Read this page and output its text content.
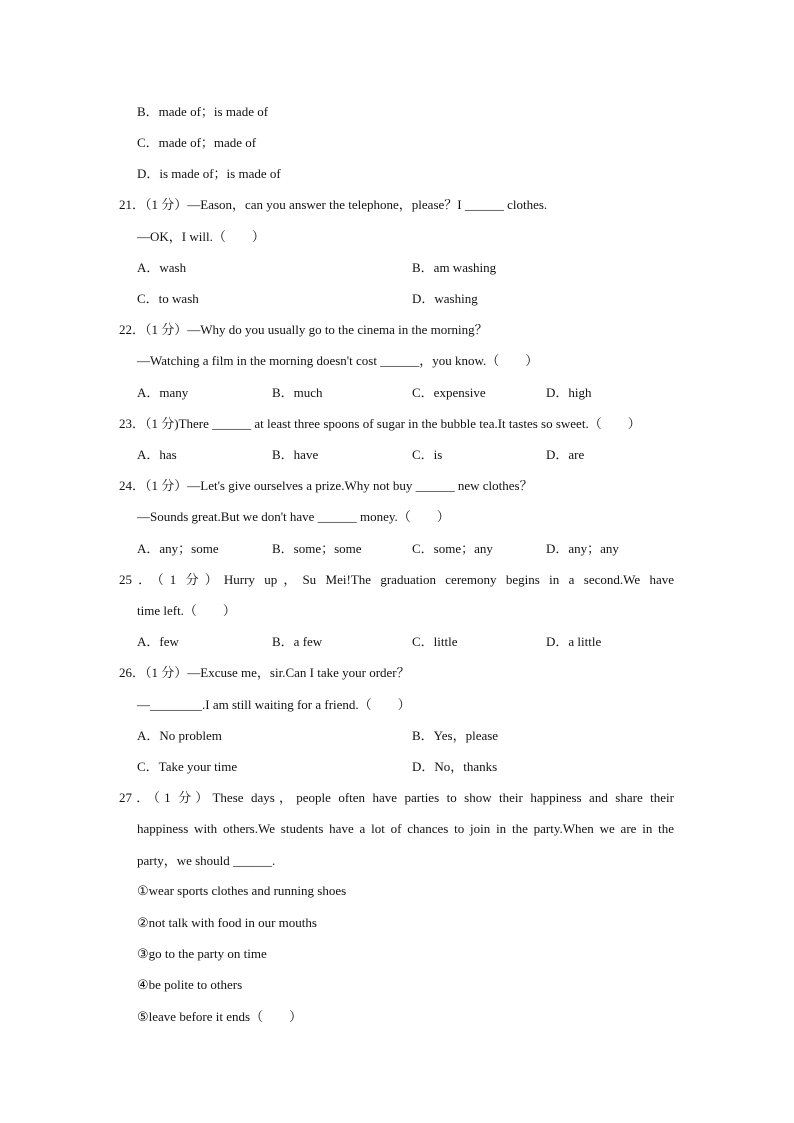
B．made of；is made of
C．made of；made of
D．is made of；is made of
21．（1 分）—Eason，can you answer the telephone，please？I ______ clothes.
—OK，I will.（　　）
A．wash	B．am washing
C．to wash	D．washing
22．（1 分）—Why do you usually go to the cinema in the morning？
—Watching a film in the morning doesn't cost ______，you know.（　　）
A．many	B．much	C．expensive	D．high
23．（1 分)There ______ at least three spoons of sugar in the bubble tea.It tastes so sweet.（　　）
A．has	B．have	C．is	D．are
24．（1 分）—Let's give ourselves a prize.Why not buy ______ new clothes？
—Sounds great.But we don't have ______ money.（　　）
A．any；some	B．some；some	C．some；any	D．any；any
25．（1 分）Hurry up，Su Mei!The graduation ceremony begins in a second.We have
time left.（　　）
A．few	B．a few	C．little	D．a little
26．（1 分）—Excuse me，sir.Can I take your order？
—________.I am still waiting for a friend.（　　）
A．No problem	B．Yes，please
C．Take your time	D．No，thanks
27．（1 分）These days，people often have parties to show their happiness and share their
happiness with others.We students have a lot of chances to join in the party.When we are in the
party，we should ______.
①wear sports clothes and running shoes
②not talk with food in our mouths
③go to the party on time
④be polite to others
⑤leave before it ends（　　）
